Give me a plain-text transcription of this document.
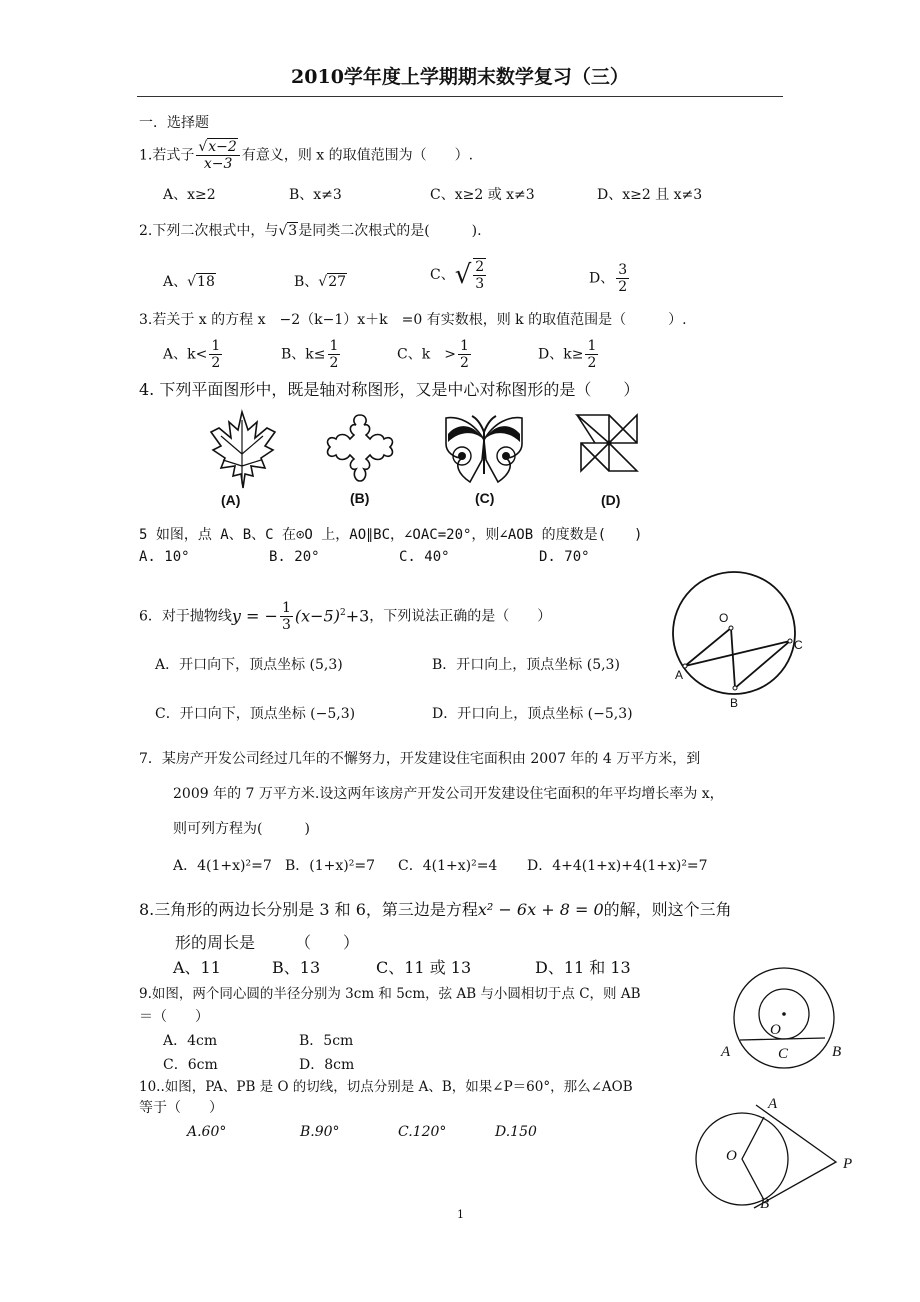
2010学年度上学期期末数学复习（三）
一．选择题
1.若式子 $\frac{√x-2}{x-3}$ 有意义，则 x 的取值范围为（　　）.
A、x≥2	B、x≠3	C、x≥2 或 x≠3	D、x≥2 且 x≠3
2.下列二次根式中，与√3是同类二次根式的是(　　　).
A、√18	B、√27	C、√ $\frac{2}{3}$	D、 $\frac{3}{2}$
3.若关于 x 的方程 x　−2（k−1）x＋k　=0 有实数根，则 k 的取值范围是（　　　）.
A、$k< \frac{1}{2}$	B、$k\le \frac{1}{2}$	C、k　> $\frac{1}{2}$	D、$k\ge \frac{1}{2}$
4. 下列平面图形中，既是轴对称图形，又是中心对称图形的是（　　）
(A)	(B)	(C)	(D)
5 如图，点 A、B、C 在⊙O 上，AO∥BC，∠OAC=20°，则∠AOB 的度数是(　　)
A. 10°	B. 20°	C. 40°	D. 70°
O
A
B
C
6．对于抛物线y = − $\frac{1}{3} (x-5)^2+3$，下列说法正确的是（　　）
A．开口向下，顶点坐标 (5,3)	B．开口向上，顶点坐标 (5,3)
C．开口向下，顶点坐标 (−5,3)	D．开口向上，顶点坐标 (−5,3)
7．某房产开发公司经过几年的不懈努力，开发建设住宅面积由 2007 年的 4 万平方米，到
2009 年的 7 万平方米.设这两年该房产开发公司开发建设住宅面积的年平均增长率为 x，
则可列方程为(　　　)
A．4(1+x)²=7 B．(1+x)²=7 C．4(1+x)²=4 D．4+4(1+x)+4(1+x)²=7
8.三角形的两边长分别是 3 和 6，第三边是方程x² − 6x + 8 = 0的解，则这个三角
形的周长是　　　（　　）
A、11	B、13	C、11 或 13	D、11 和 13
9.如图，两个同心圆的半径分别为 3cm 和 5cm，弦 AB 与小圆相切于点 C，则 AB
＝（　　）
A．4cm	B．5cm
C．6cm	D．8cm
O
A	C	B
10..如图，PA、PB 是 O 的切线，切点分别是 A、B，如果∠P＝60°，那么∠AOB
等于（　　）
A.60°	B.90°	C.120°	D.150
A
O	P
B
1
